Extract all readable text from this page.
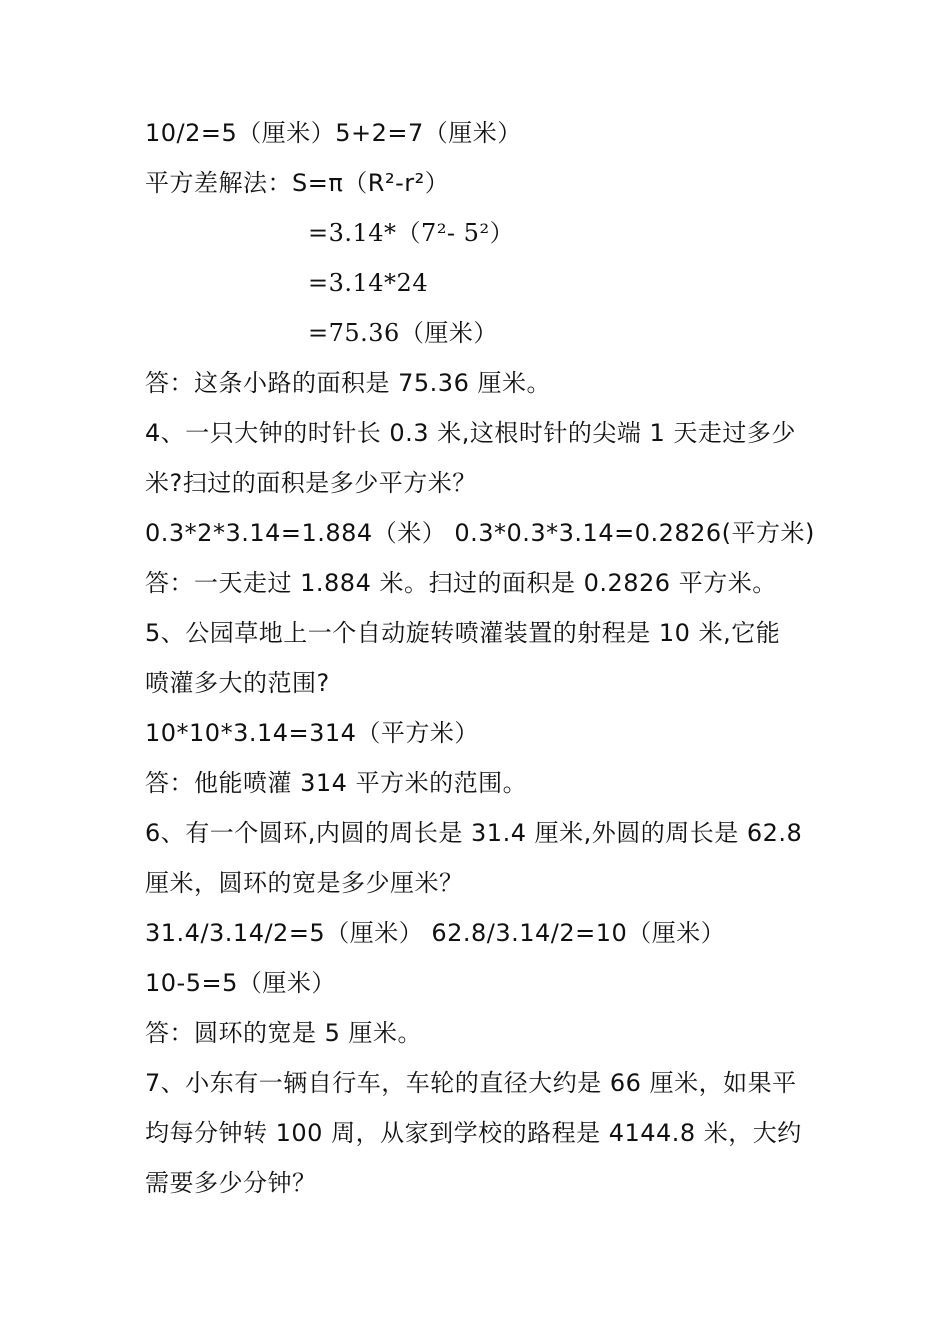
10/2=5（厘米）5+2=7（厘米）
平方差解法：S=π（R²-r²）
=3.14*（7²- 5²）
=3.14*24
=75.36（厘米）
答：这条小路的面积是 75.36 厘米。
4、一只大钟的时针长 0.3 米,这根时针的尖端 1 天走过多少
米?扫过的面积是多少平方米？
0.3*2*3.14=1.884（米） 0.3*0.3*3.14=0.2826(平方米)
答：一天走过 1.884 米。扫过的面积是 0.2826 平方米。
5、公园草地上一个自动旋转喷灌装置的射程是 10 米,它能
喷灌多大的范围?
10*10*3.14=314（平方米）
答：他能喷灌 314 平方米的范围。
6、有一个圆环,内圆的周长是 31.4 厘米,外圆的周长是 62.8
厘米，圆环的宽是多少厘米？
31.4/3.14/2=5（厘米） 62.8/3.14/2=10（厘米）
10-5=5（厘米）
答：圆环的宽是 5 厘米。
7、小东有一辆自行车，车轮的直径大约是 66 厘米，如果平
均每分钟转 100 周，从家到学校的路程是 4144.8 米，大约
需要多少分钟？
